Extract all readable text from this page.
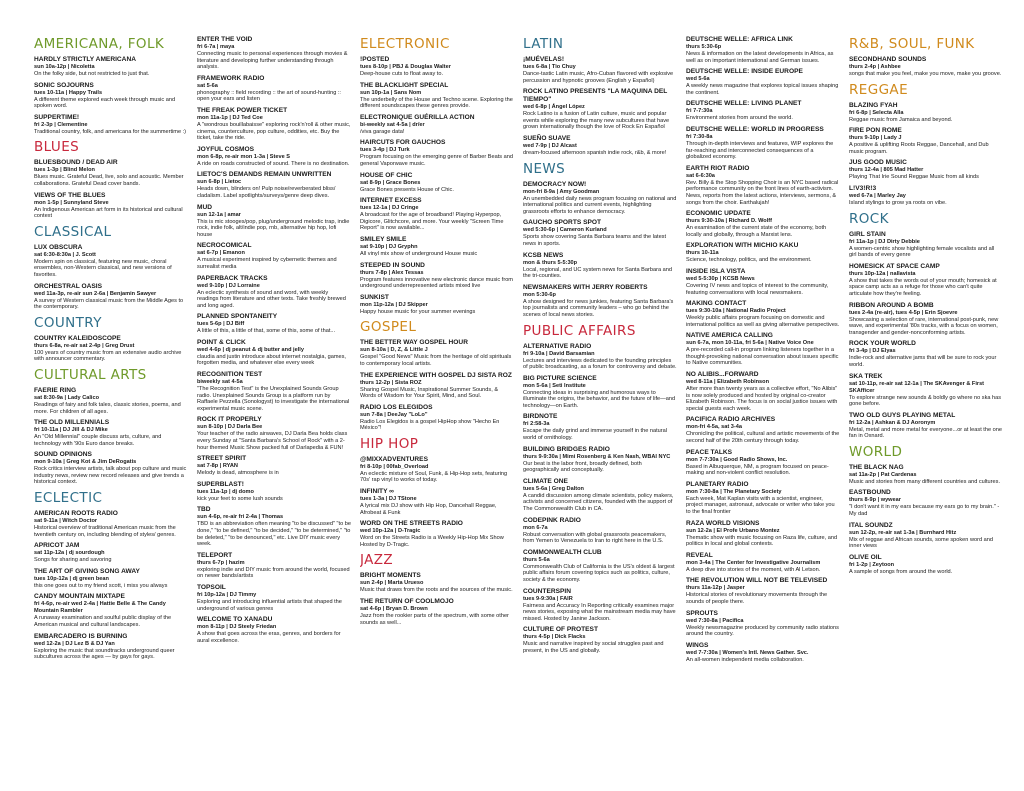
AMERICANA, FOLK

HARDLY STRICTLY AMERICANA

sun 10a-12p | Nicoletta

On the folky side, but not restricted to just that.

SONIC SOJOURNS

tues 10-11a | Happy Trails

A different theme explored each week through music and spoken word.

SUPPERTIME!

fri 2-3p | Clementine

Traditional country, folk, and americana for the summertime :)

BLUES

BLUESBOUND / DEAD AIR

tues 1-3p | Blind Melon

Blues music. Grateful Dead, live, solo and acoustic. Member collaborations. Grateful Dead cover bands.

VIEWS OF THE BLUES

mon 1-5p | Sunnyland Steve

An Indigenous American art form in its historical and cultural context

CLASSICAL

LUX OBSCURA

sat 6:30-8:30a | J. Scott

Modern spin on classical, featuring new music, choral ensembles, non-Western classical, and new versions of favorites.

ORCHESTRAL OASIS

wed 11a-3p, re-air sun 2-6a | Benjamin Sawyer

A survey of Western classical music from the Middle Ages to the contemporary.

COUNTRY

COUNTRY KALEIDOSCOPE

thurs 6-8a, re-air sat 2-4p | Greg Drust

100 years of country music from an extensive audio archive with announcer commentary.

CULTURAL ARTS

FAERIE RING

sat 8:30-9a | Lady Calico

Readings of fairy and folk tales, classic stories, poems, and more. For children of all ages.

THE OLD MILLENNIALS

fri 10-11a | DJ Jill & DJ Mike

An "Old Millennial" couple discuss arts, culture, and technology with '90s Euro dance breaks.

SOUND OPINIONS

mon 9-10a | Greg Kot & Jim DeRogatis

Rock critics interview artists, talk about pop culture and music industry news, review new record releases and give trends a historical context.

ECLECTIC

AMERICAN ROOTS RADIO

sat 9-11a | Witch Doctor

Historical overview of traditional American music from the twentieth century on, including blending of styles/ genres.

APRICOT JAM

sat 11p-12a | dj sourdough

Songs for sharing and savoring

THE ART OF GIVING SONG AWAY

tues 10p-12a | dj green bean

this one goes out to my friend scott, i miss you always

CANDY MOUNTAIN MIXTAPE

fri 4-6p, re-air wed 2-4a | Hattie Belle & The Candy Mountain Rambler

A runaway examination and soulful public display of the American musical and cultural landscapes.

EMBARCADERO IS BURNING

wed 12-2a | DJ Lez B & DJ Yan

Exploring the music that soundtracks underground queer subcultures across the ages — by gays for gays.

ENTER THE VOID

fri 6-7a | maya

Connecting music to personal experiences through movies & literature and developing further understanding through analysis.

FRAMEWORK RADIO

sat 5-6a

phonography :: field recording :: the art of sound-hunting :: open your ears and listen

THE FREAK POWER TICKET

mon 11a-1p | DJ Ted Coe

A "wondrous bouillabaisse" exploring rock'n'roll & other music, cinema, counterculture, pop culture, oddities, etc. Buy the ticket, take the ride.

JOYFUL COSMOS

mon 6-8p, re-air mon 1-3a | Steve S

A ride on roads constructed of sound. There is no destination.

LIETOC'S DEMANDS REMAIN UNWRITTEN

sun 6-8p | Lietoc

Heads down, blinders on! Pulp noise/reverberated bliss/ cladalism. Label spotlights/surveys/genre deep dives.

MUD

sun 12-1a | amar

This is mic stooges/pop, plug/underground melodic trap, indie rock, indie folk, alt/indie pop, rnb, alternative hip hop, lofi house

NECROCOMICAL

sat 6-7p | Emanon

A musical experiment inspired by cybernetic themes and surrealist media

PAPERBACK TRACKS

wed 9-10p | DJ Lorraine

An eclectic synthesis of sound and word, with weekly readings from literature and other texts. Take freshly brewed and long aged.

PLANNED SPONTANEITY

tues 5-6p | DJ Biff

A little of this, a little of that, some of this, some of that...

POINT & CLICK

wed 4-6p | dj peanut & dj butter and jelly

claudia and justin introduce about internet nostalgia, games, forgotten media, and whatever else every week

RECOGNITION TEST

biweekly sat 4-5a

"The Recognition Test" is the Unexplained Sounds Group radio. Unexplained Sounds Group is a platform run by Raffaele Pezzella (Sonologyst) to investigate the international experimental music scene.

ROCK IT PROPERLY

sun 8-10p | DJ Darla Bee

Your teacher of the radio airwaves, DJ Darla Bea holds class every Sunday at "Santa Barbara's School of Rock" with a 2-hour themed Music Show packed full of Darlapedia & FUN!

STREET SPIRIT

sat 7-8p | RYAN

Melody is dead, atmosphere is in

SUPERBLAST!

tues 11a-1p | dj domo

kick your feet to some lush sounds

TBD

sun 4-6p, re-air fri 2-4a | Thomas

TBD is an abbreviation often meaning "to be discussed" "to be done," "to be defined," "to be decided," "to be determined," "to be deleted," "to be denounced," etc. Live DIY music every week.

TELEPORT

thurs 6-7p | hazim

exploring indie and DIY music from around the world, focused on newer bands/artists

TOPSOIL

fri 10p-12a | DJ Timmy

Exploring and introducing influential artists that shaped the underground of various genres

WELCOME TO XANADU

mon 8-11p | DJ Steely Friedan

A show that goes across the eras, genres, and borders for aural excellence.

ELECTRONIC

!POSTED

tues 8-10p | PBJ & Douglas Walter

Deep-house cuts to float away to.

THE BLACKLIGHT SPECIAL

sun 10p-1a | Sans Nom

The underbelly of the House and Techno scene. Exploring the different soundscapes these genres provide.

ELECTRONIQUE GUÉRILLA ACTION

bi-weekly sat 4-5a | dr/er

/viva garage data!

HAIRCUTS FOR GAUCHOS

tues 3-4p | DJ Turk

Program focusing on the emerging genre of Barber Beats and general Vaporwave music.

HOUSE OF CHIC

sat 8-9p | Grace Bones

Grace Bones presents House of Chic.

INTERNET EXCESS

tues 12-1a | DJ Cringe

A broadcast for the age of broadband! Playing Hyperpop, Digicore, Glitchcore, and more. Your weekly "Screen Time Report" is now available...

SMILEY SMILE

sat 9-10p | DJ Gryphn

All vinyl mix show of underground House music

STEEPED IN SOUND

thurs 7-8p | Alex Tessas

Program features innovative new electronic dance music from underground underrepresented artists mixed live

SUNKIST

mon 11p-12a | DJ Skipper

Happy house music for your summer evenings

GOSPEL

THE BETTER WAY GOSPEL HOUR

sun 8-10a | D, Z, & Little J

Gospel "Good News" Music from the heritage of old spirituals to contemporary local artists.

THE EXPERIENCE WITH GOSPEL DJ SISTA ROZ

thurs 12-2p | Sista ROZ

Sharing Gospel Music, Inspirational Summer Sounds, & Words of Wisdom for Your Spirit, Mind, and Soul.

RADIO LOS ELEGIDOS

sun 7-8a | DeeJay "LoLo"

Radio Los Elegidos is a gospel HipHop show "Hecho En México"!

HIP HOP

@MIXXADVENTURES

fri 8-10p | 00fab_Overload

An eclectic mixture of Soul, Funk, & Hip-Hop sets, featuring 70s' rap vinyl to works of today.

INFINITY ∞

tues 1-3a | DJ TStone

A lyrical mix DJ show with Hip Hop, Dancehall Reggae, Afrobeat & Funk

WORD ON THE STREETS RADIO

wed 10p-12a | D-Tragic

Word on the Streets Radio is a Weekly Hip-Hop Mix Show Hosted by D-Tragic.

JAZZ

BRIGHT MOMENTS

sun 2-4p | Marta Urueso

Music that draws from the roots and the sources of the music.

THE RETURN OF COOLMOJO

sat 4-6p | Bryan D. Brown

Jazz from the rookier parts of the spectrum, with some other sounds as well...

LATIN

¡MUÉVELAS!

tues 6-8a | Tio Chuy

Dance-tastic Latin music, Afro-Cuban flavored with explosive percussion and hypnotic grooves (English y Español)

ROCK LATINO PRESENTS "LA MAQUINA DEL TIEMPO"

wed 6-8p | Ángel López

Rock Latino is a fusion of Latin culture, music and popular events while exploring the many new subcultures that have grown internationally though the love of Rock En Español

SUEÑO SUAVE

wed 7-9p | DJ Alcast

dream-focused afternoon spanish indie rock, r&b, & more!

NEWS

DEMOCRACY NOW!

mon-fri 8-9a | Amy Goodman

An unembedded daily news program focusing on national and international politics and current events, highlighting grassroots efforts to enhance democracy.

GAUCHO SPORTS SPOT

wed 5:30-6p | Cameron Kurland

Sports show covering Santa Barbara teams and the latest news in sports.

KCSB NEWS

mon & thurs 5-5:30p

Local, regional, and UC system news for Santa Barbara and the tri-counties.

NEWSMAKERS WITH JERRY ROBERTS

mon 5:30-6p

A show designed for news junkies, featuring Santa Barbara's top journalists and community leaders – who go behind the scenes of local news stories.

PUBLIC AFFAIRS

ALTERNATIVE RADIO

fri 9-10a | David Barsamian

Lectures and interviews dedicated to the founding principles of public broadcasting, as a forum for controversy and debate.

BIG PICTURE SCIENCE

mon 5-6a | Seti Institute

Connecting ideas in surprising and humorous ways to illuminate the origins, the behavior, and the future of life—and technology—on Earth.

BIRDNOTE

fri 2:58-3a

Escape the daily grind and immerse yourself in the natural world of ornithology.

BUILDING BRIDGES RADIO

thurs 9-9:30a | Mimi Rosenberg & Ken Nash, WBAI NYC

Our beat is the labor front, broadly defined, both geographically and conceptually.

CLIMATE ONE

tues 5-6a | Greg Dalton

A candid discussion among climate scientists, policy makers, activists and concerned citizens, founded with the support of The Commonwealth Club in CA.

CODEPINK RADIO

mon 6-7a

Robust conversation with global grassroots peacemakers, from Yemen to Venezuela to Iran to right here in the U.S.

COMMONWEALTH CLUB

thurs 5-6a

Commonwealth Club of California is the US's oldest & largest public affairs forum covering topics such as politics, culture, society & the economy.

COUNTERSPIN

tues 9-9:30a | FAIR

Fairness and Accuracy In Reporting critically examines major news stories, exposing what the mainstream media may have missed. Hosted by Janine Jackson.

CULTURE OF PROTEST

thurs 4-5p | Dick Flacks

Music and narrative inspired by social struggles past and present, in the US and globally.

DEUTSCHE WELLE: AFRICA LINK

thurs 5:30-6p

News & information on the latest developments in Africa, as well as on important international and German issues.

DEUTSCHE WELLE: INSIDE EUROPE

wed 5-6a

A weekly news magazine that explores topical issues shaping the continent.

DEUTSCHE WELLE: LIVING PLANET

fri 7-7:30a

Environment stories from around the world.

DEUTSCHE WELLE: WORLD IN PROGRESS

fri 7:30-8a

Through in-depth interviews and features, WIP explores the far-reaching and interconnected consequences of a globalized economy.

EARTH RIOT RADIO

sat 6-6:30a

Rev. Billy & the Stop Shopping Choir is an NYC based radical performance community on the front lines of earth-activism. News, reports from the latest actions, interviews, sermons, & songs from the choir. Earthalujah!

ECONOMIC UPDATE

thurs 9:30-10a | Richard D. Wolff

An examination of the current state of the economy, both locally and globally, through a Marxist lens.

EXPLORATION WITH MICHIO KAKU

thurs 10-11a

Science, technology, politics, and the environment.

INSIDE ISLA VISTA

wed 5-5:30p | KCSB News

Covering IV news and topics of interest to the community, featuring conversations with local newsmakers.

MAKING CONTACT

tues 9:30-10a | National Radio Project

Weekly public affairs program focusing on domestic and international politics as well as giving alternative perspectives.

NATIVE AMERICA CALLING

sun 6-7a, mon 10-11a, fri 5-6a | Native Voice One

A pre-recorded call-in program linking listeners together in a thought-provoking national conversation about issues specific to Native communities.

NO ALIBIS...FORWARD

wed 8-11a | Elizabeth Robinson

After more than twenty years as a collective effort, "No Alibis" is now solely produced and hosted by original co-creator Elizabeth Robinson. The focus is on social justice issues with special guests each week.

PACIFICA RADIO ARCHIVES

mon-fri 4-5a, sat 3-4a

Chronicling the political, cultural and artistic movements of the second half of the 20th century through today.

PEACE TALKS

mon 7-7:30a | Good Radio Shows, Inc.

Based in Albuquerque, NM, a program focused on peace-making and non-violent conflict resolution.

PLANETARY RADIO

mon 7:30-8a | The Planetary Society

Each week, Mat Kaplan visits with a scientist, engineer, project manager, astronaut, advocate or writer who take you to the final frontier

RAZA WORLD VISIONS

sun 12-2a | El Profe Urbano Montez

Thematic show with music focusing on Raza life, culture, and politics in local and global contexts.

REVEAL

mon 3-4a | The Center for Investigative Journalism

A deep dive into stories of the moment, with Al Letson.

THE REVOLUTION WILL NOT BE TELEVISED

thurs 11a-12p | Jasper

Historical stories of revolutionary movements through the sounds of people there.

SPROUTS

wed 7:30-8a | Pacifica

Weekly newsmagazine produced by community radio stations around the country.

WINGS

wed 7-7:30a | Women's Intl. News Gather. Svc.

An all-women independent media collaboration.

R&B, SOUL, FUNK

SECONDHAND SOUNDS

thurs 2-4p | Ashbee

songs that make you feel, make you move, make you groove.

REGGAE

BLAZING FYAH

fri 6-8p | Selecta Alla

Reggae music from Jamaica and beyond.

FIRE PON ROME

thurs 9-10p | Lady J

A positive & uplifting Roots Reggae, Dancehall, and Dub music program.

JUS GOOD MUSIC

thurs 12-4a | 805 Mad Hatter

Playing That Irie Sound Reggae Music from all kinds

L!V3!R!3

wed 6-7a | Marley Jay

Island stylings to grow ya roots on vibe.

ROCK

GIRL STAIN

fri 11a-1p | DJ Dirty Debbie

A women-centric show highlighting female vocalists and all girl bands of every genre

HOMESICK AT SPACE CAMP

thurs 10p-12a | nallavista

A show that takes the words out of your mouth; homesick at space camp acts as a refuge for those who can't quite articulate how they're feeling.

RIBBON AROUND A BOMB

tues 2-4a (re-air), tues 4-5p | Erin Sjoevre

Showcasing a selection of rare, international post-punk, new wave, and experimental '80s tracks, with a focus on women, transgender and gender-nonconforming artists.

ROCK YOUR WORLD

fri 3-4p | DJ Elyas

Indie-rock and alternative jams that will be sure to rock your world.

SKA TREK

sat 10-11p, re-air sat 12-1a | The SKAvenger & First SKAfficer

To explore strange new sounds & boldly go where no ska has gone before.

TWO OLD GUYS PLAYING METAL

fri 12-2a | Ashkan & DJ Aoronym

Metal, metal and more metal for everyone...or at least the one fan in Oxnard.

WORLD

THE BLACK NAG

sat 11a-2p | Pat Cardenas

Music and stories from many different countries and cultures.

EASTBOUND

thurs 8-9p | wywear

"I don't want it in my ears because my ears go to my brain." - My dad

ITAL SOUNDZ

sun 12-2p, re-air sat 1-3a | Burnhard Hitz

Mix of reggae and African sounds, some spoken word and inner views

OLIVE OIL

fri 1-2p | Zeytoon

A sample of songs from around the world.
